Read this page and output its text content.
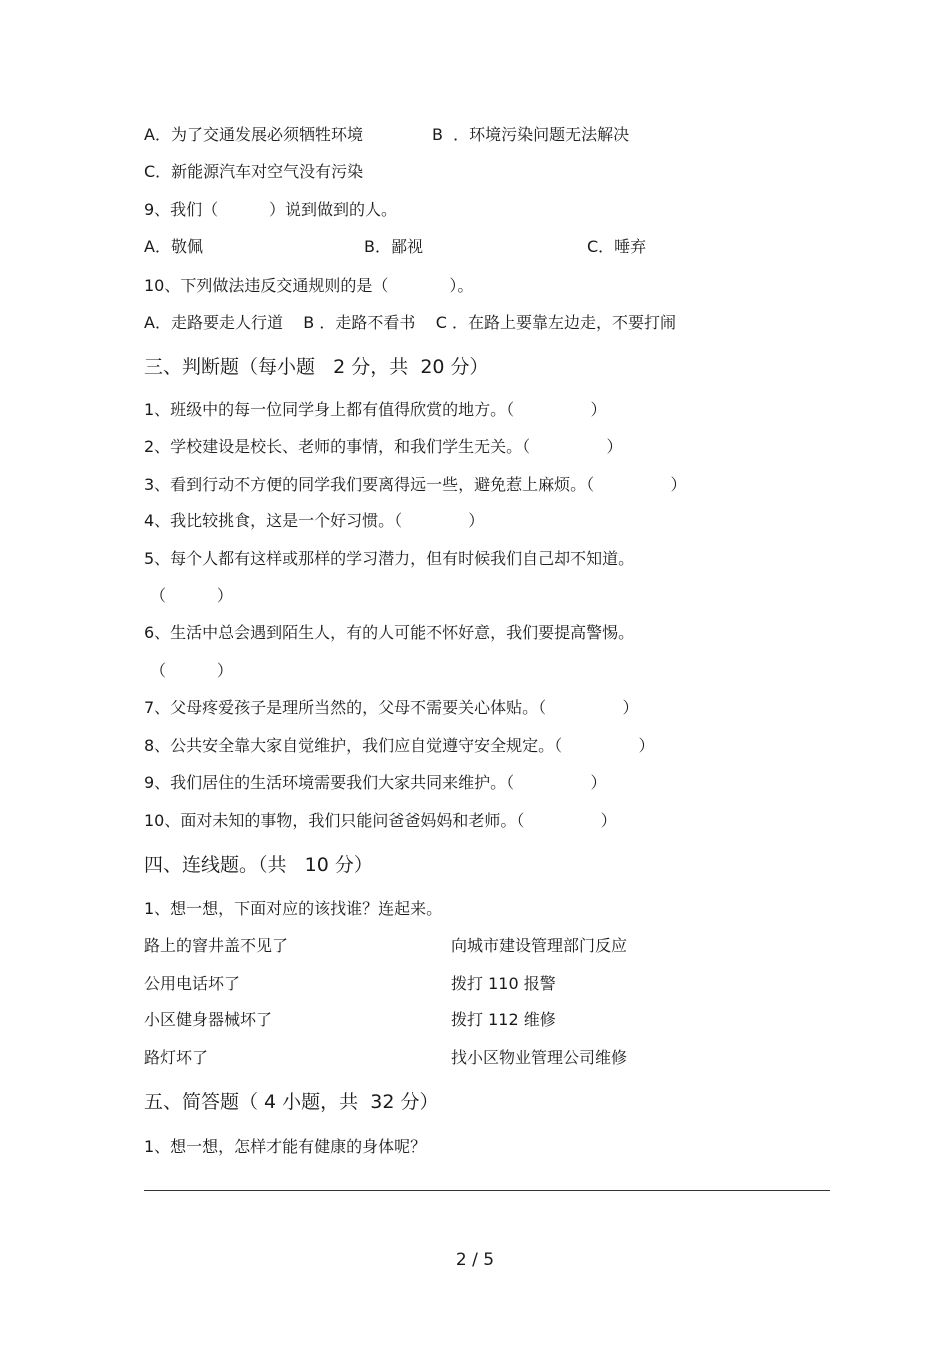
A．为了交通发展必须牺牲环境	B  ．环境污染问题无法解决
C．新能源汽车对空气没有污染
9、我们（          ）说到做到的人。
A．敬佩	B．鄙视	C．唾弃
10、下列做法违反交通规则的是（            ）。
A．走路要走人行道    B ．走路不看书    C ．在路上要靠左边走，不要打闹
三、判断题（每小题   2 分，共  20 分）
1、班级中的每一位同学身上都有值得欣赏的地方。（               ）
2、学校建设是校长、老师的事情，和我们学生无关。（               ）
3、看到行动不方便的同学我们要离得远一些，避免惹上麻烦。（               ）
4、我比较挑食，这是一个好习惯。（             ）
5、每个人都有这样或那样的学习潜力，但有时候我们自己却不知道。
（          ）
6、生活中总会遇到陌生人，有的人可能不怀好意，我们要提高警惕。
（          ）
7、父母疼爱孩子是理所当然的，父母不需要关心体贴。（               ）
8、公共安全靠大家自觉维护，我们应自觉遵守安全规定。（               ）
9、我们居住的生活环境需要我们大家共同来维护。（               ）
10、面对未知的事物，我们只能问爸爸妈妈和老师。（               ）
四、连线题。（共   10 分）
1、想一想，下面对应的该找谁？连起来。
路上的窨井盖不见了	向城市建设管理部门反应
公用电话坏了	拨打 110 报警
小区健身器械坏了	拨打 112 维修
路灯坏了	找小区物业管理公司维修
五、简答题（ 4 小题，共  32 分）
1、想一想，怎样才能有健康的身体呢？
2 / 5
